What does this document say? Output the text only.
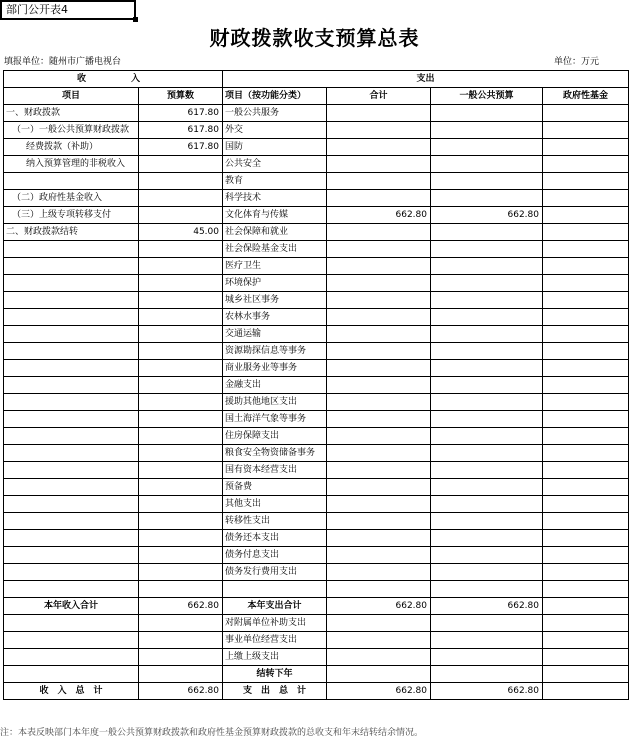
部门公开表4
财政拨款收支预算总表
填报单位：随州市广播电视台	单位：万元
收　　入		支出			
项目	预算数	项目（按功能分类）	合计	一般公共预算	政府性基金
一、财政拨款	617.80	一般公共服务			
（一）一般公共预算财政拨款	617.80	外交			
经费拨款（补助）	617.80	国防			
纳入预算管理的非税收入		公共安全			
		教育			
（二）政府性基金收入		科学技术			
（三）上级专项转移支付		文化体育与传媒	662.80	662.80	
二、财政拨款结转	45.00	社会保障和就业			
		社会保险基金支出			
		医疗卫生			
		环境保护			
		城乡社区事务			
		农林水事务			
		交通运输			
		资源勘探信息等事务			
		商业服务业等事务			
		金融支出			
		援助其他地区支出			
		国土海洋气象等事务			
		住房保障支出			
		粮食安全物资储备事务			
		国有资本经营支出			
		预备费			
		其他支出			
		转移性支出			
		债务还本支出			
		债务付息支出			
		债务发行费用支出			

本年收入合计	662.80	本年支出合计	662.80	662.80	
		对附属单位补助支出			
		事业单位经营支出			
		上缴上级支出			
		结转下年			
收　入　总　计	662.80	支　出　总　计	662.80	662.80	
注：本表反映部门本年度一般公共预算财政拨款和政府性基金预算财政拨款的总收支和年末结转结余情况。
